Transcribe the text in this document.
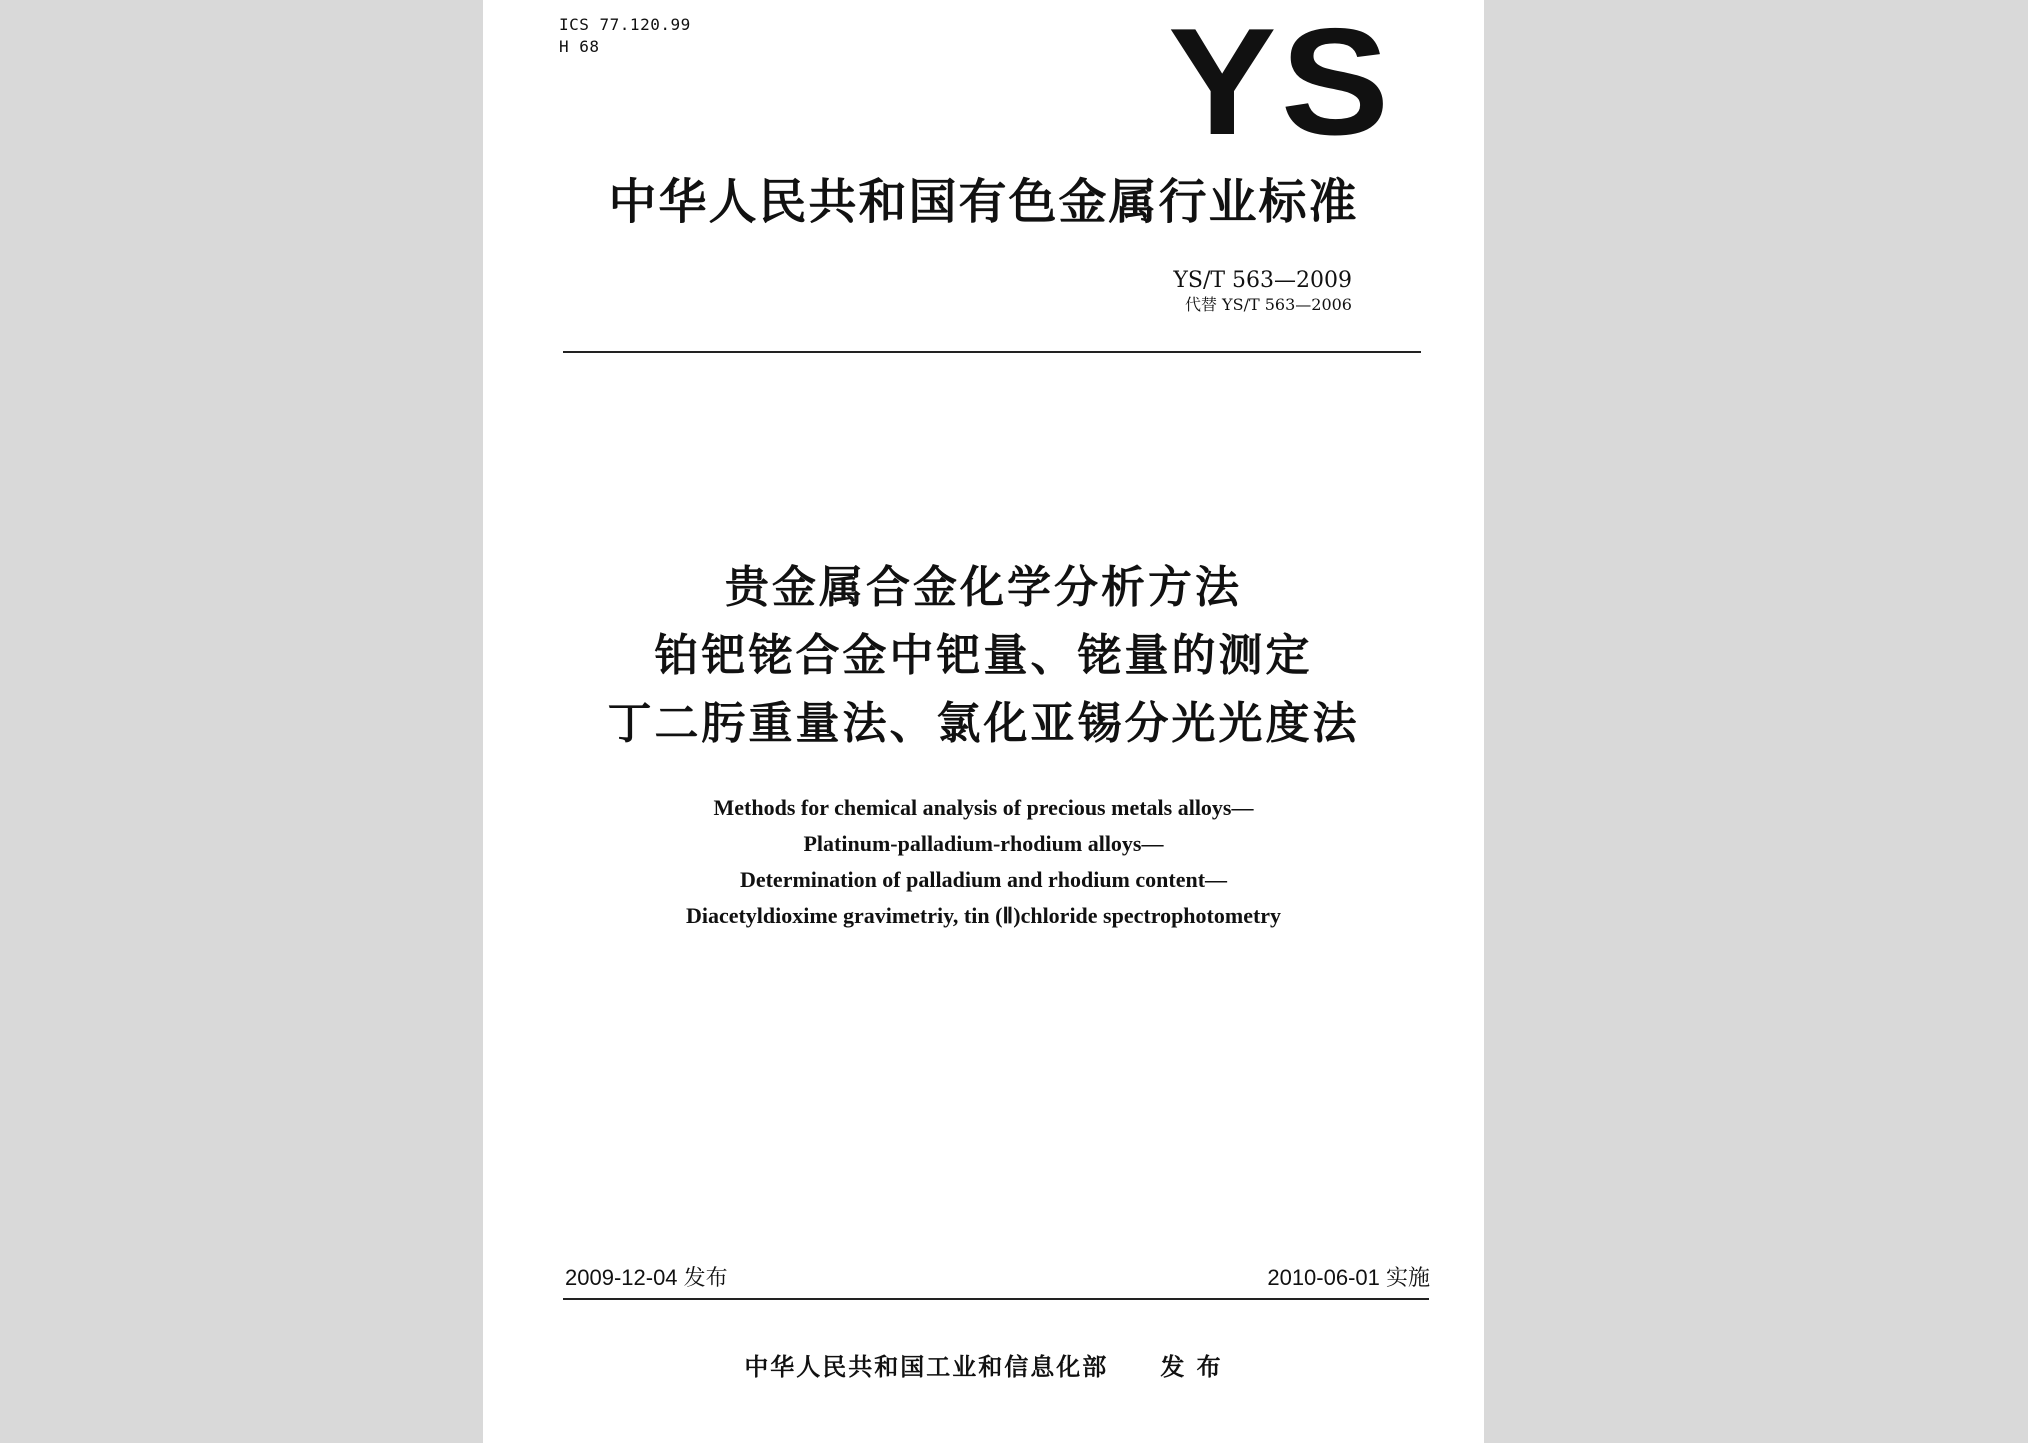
ICS 77.120.99
H 68	YS
中华人民共和国有色金属行业标准
YS/T 563—2009
代替 YS/T 563—2006
贵金属合金化学分析方法
铂钯铑合金中钯量、铑量的测定
丁二肟重量法、氯化亚锡分光光度法
Methods for chemical analysis of precious metals alloys—
Platinum-palladium-rhodium alloys—
Determination of palladium and rhodium content—
Diacetyldioxime gravimetriy, tin (Ⅱ)chloride spectrophotometry
2009-12-04 发布	2010-06-01 实施
中华人民共和国工业和信息化部 发 布
